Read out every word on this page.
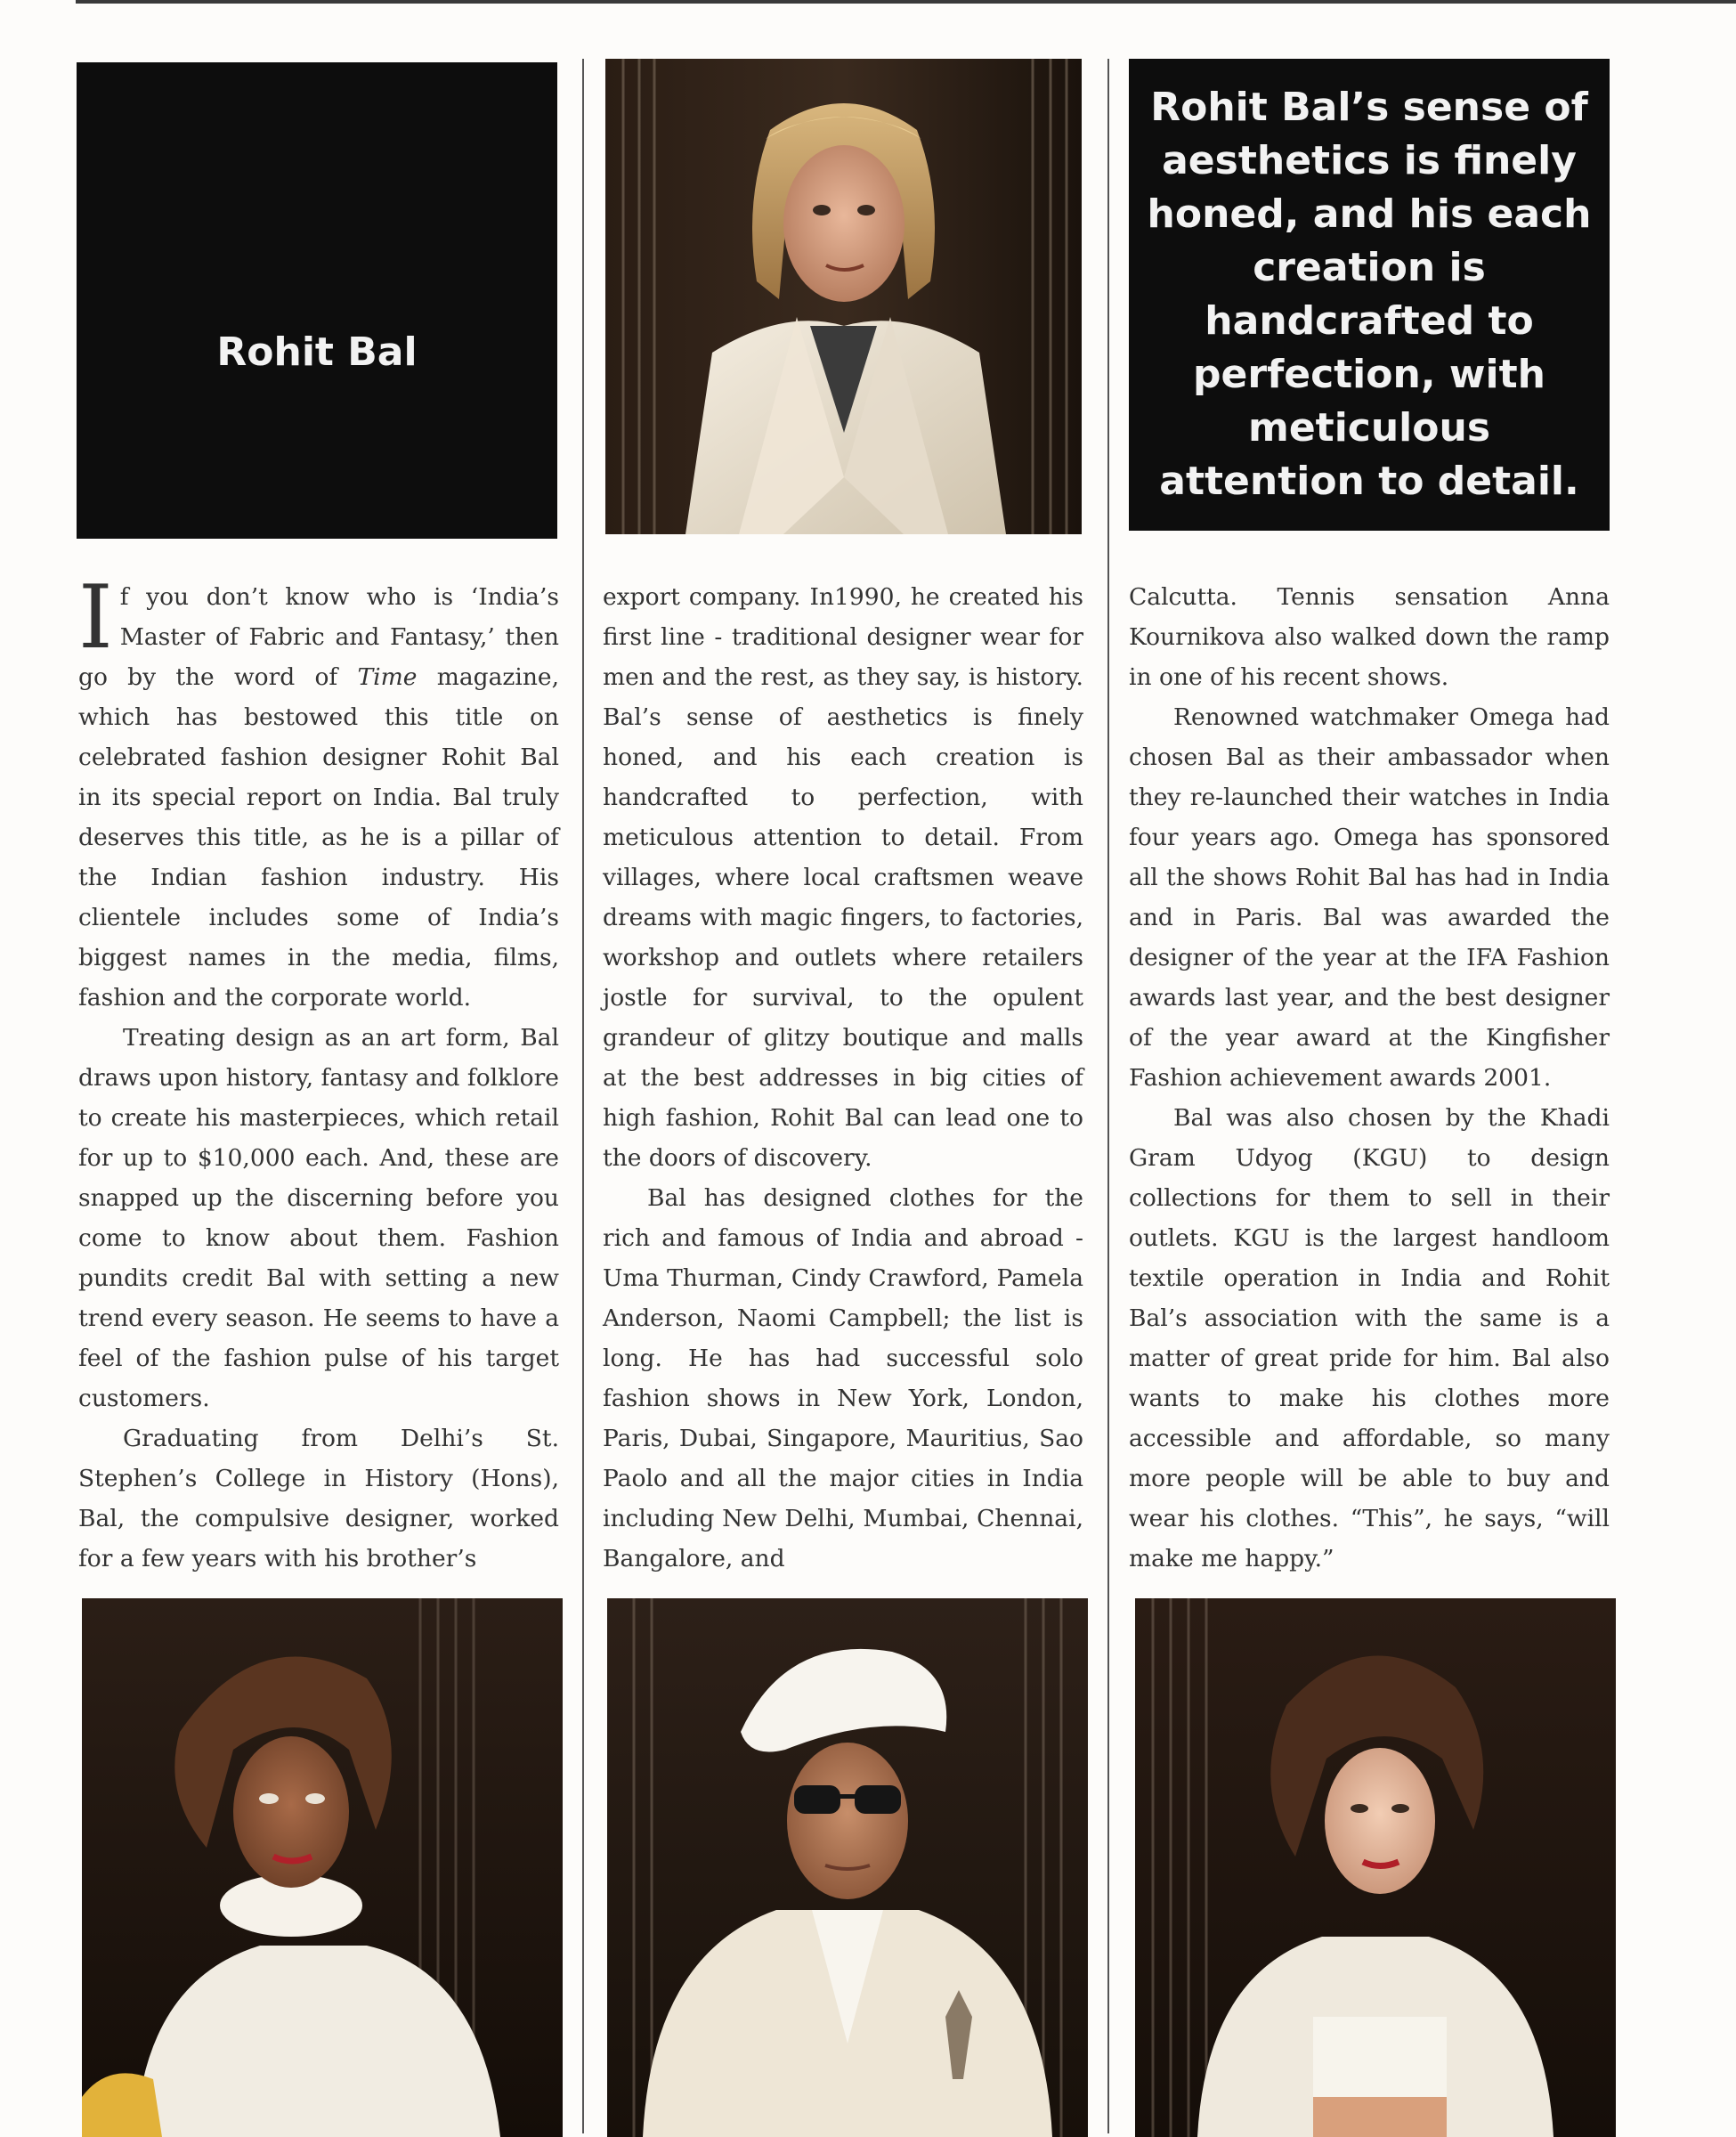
Rohit Bal
Rohit Bal’s sense of aesthetics is finely honed, and his each creation is handcrafted to perfection, with meticulous attention to detail.

If you don’t know who is ‘India’s Master of Fabric and Fantasy,’ then go by the word of Time magazine, which has bestowed this title on celebrated fashion designer Rohit Bal in its special report on India. Bal truly deserves this title, as he is a pillar of the Indian fashion industry. His clientele includes some of India’s biggest names in the media, films, fashion and the corporate world.

Treating design as an art form, Bal draws upon history, fantasy and folklore to create his masterpieces, which retail for up to $10,000 each. And, these are snapped up the discerning before you come to know about them. Fashion pundits credit Bal with setting a new trend every season. He seems to have a feel of the fashion pulse of his target customers.

Graduating from Delhi’s St. Stephen’s College in History (Hons), Bal, the compulsive designer, worked for a few years with his brother’s

export company. In1990, he created his first line - traditional designer wear for men and the rest, as they say, is history. Bal’s sense of aesthetics is finely honed, and his each creation is handcrafted to perfection, with meticulous attention to detail. From villages, where local craftsmen weave dreams with magic fingers, to factories, workshop and outlets where retailers jostle for survival, to the opulent grandeur of glitzy boutique and malls at the best addresses in big cities of high fashion, Rohit Bal can lead one to the doors of discovery.

Bal has designed clothes for the rich and famous of India and abroad - Uma Thurman, Cindy Crawford, Pamela Anderson, Naomi Campbell; the list is long. He has had successful solo fashion shows in New York, London, Paris, Dubai, Singapore, Mauritius, Sao Paolo and all the major cities in India including New Delhi, Mumbai, Chennai, Bangalore, and

Calcutta. Tennis sensation Anna Kournikova also walked down the ramp in one of his recent shows.

Renowned watchmaker Omega had chosen Bal as their ambassador when they re-launched their watches in India four years ago. Omega has sponsored all the shows Rohit Bal has had in India and in Paris. Bal was awarded the designer of the year at the IFA Fashion awards last year, and the best designer of the year award at the Kingfisher Fashion achievement awards 2001.

Bal was also chosen by the Khadi Gram Udyog (KGU) to design collections for them to sell in their outlets. KGU is the largest handloom textile operation in India and Rohit Bal’s association with the same is a matter of great pride for him. Bal also wants to make his clothes more accessible and affordable, so many more people will be able to buy and wear his clothes. “This”, he says, “will make me happy.”
